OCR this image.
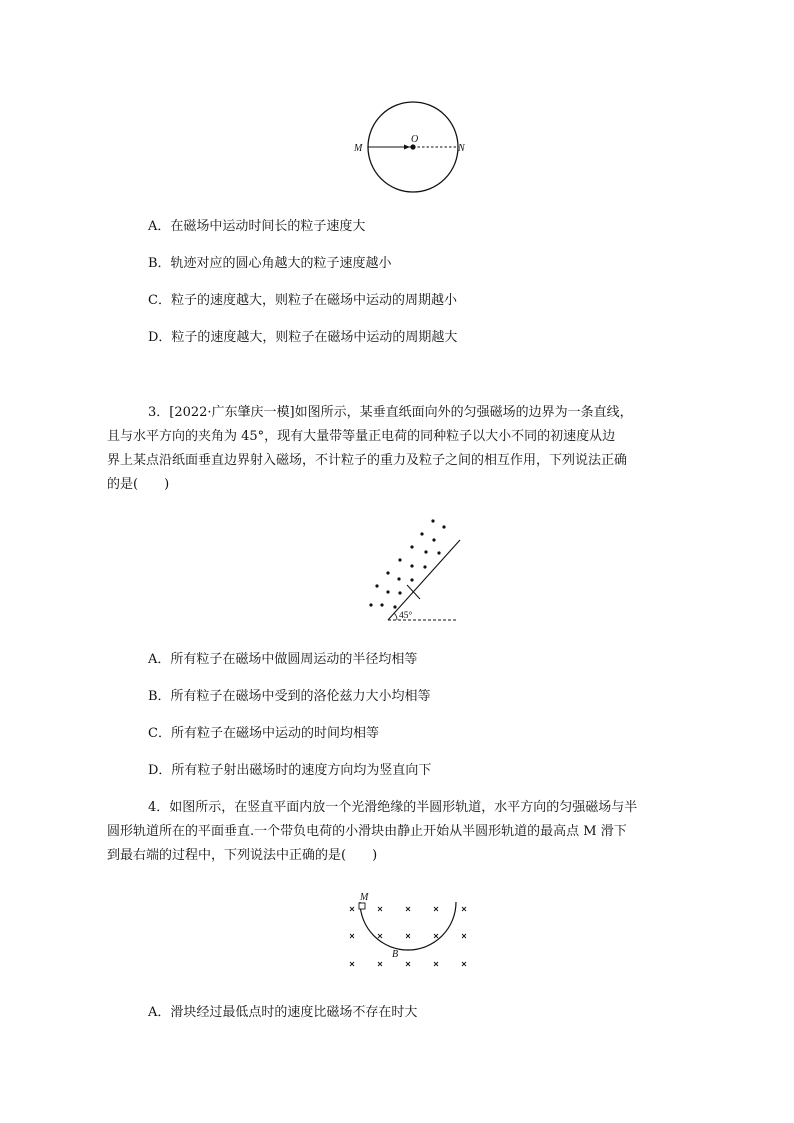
M
O
N
A．在磁场中运动时间长的粒子速度大
B．轨迹对应的圆心角越大的粒子速度越小
C．粒子的速度越大，则粒子在磁场中运动的周期越小
D．粒子的速度越大，则粒子在磁场中运动的周期越大
3．[2022·广东肇庆一模]如图所示，某垂直纸面向外的匀强磁场的边界为一条直线，
且与水平方向的夹角为 45°，现有大量带等量正电荷的同种粒子以大小不同的初速度从边
界上某点沿纸面垂直边界射入磁场，不计粒子的重力及粒子之间的相互作用，下列说法正确
的是(　　)
45°
A．所有粒子在磁场中做圆周运动的半径均相等
B．所有粒子在磁场中受到的洛伦兹力大小均相等
C．所有粒子在磁场中运动的时间均相等
D．所有粒子射出磁场时的速度方向均为竖直向下
4．如图所示，在竖直平面内放一个光滑绝缘的半圆形轨道，水平方向的匀强磁场与半
圆形轨道所在的平面垂直.一个带负电荷的小滑块由静止开始从半圆形轨道的最高点 M 滑下
到最右端的过程中，下列说法中正确的是(　　)
M
B
A．滑块经过最低点时的速度比磁场不存在时大
